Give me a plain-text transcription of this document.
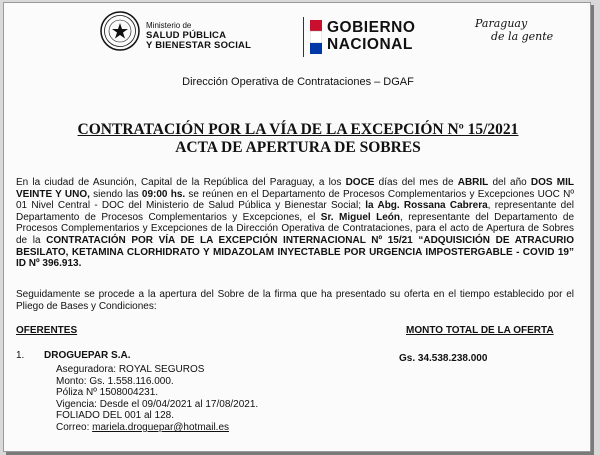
Ministerio de
SALUD PÚBLICA
Y BIENESTAR SOCIAL
GOBIERNO
NACIONAL
Paraguay
de la gente
Dirección Operativa de Contrataciones – DGAF
CONTRATACIÓN POR LA VÍA DE LA EXCEPCIÓN Nº 15/2021
ACTA DE APERTURA DE SOBRES
En la ciudad de Asunción, Capital de la República del Paraguay, a los DOCE días del mes de ABRIL del año DOS MIL VEINTE Y UNO, siendo las 09:00 hs. se reúnen en el Departamento de Procesos Complementarios y Excepciones UOC Nº 01 Nivel Central - DOC del Ministerio de Salud Pública y Bienestar Social; la Abg. Rossana Cabrera, representante del Departamento de Procesos Complementarios y Excepciones, el Sr. Miguel León, representante del Departamento de Procesos Complementarios y Excepciones de la Dirección Operativa de Contrataciones, para el acto de Apertura de Sobres de la CONTRATACIÓN POR VÍA DE LA EXCEPCIÓN INTERNACIONAL Nº 15/21 “ADQUISICIÓN DE ATRACURIO BESILATO, KETAMINA CLORHIDRATO Y MIDAZOLAM INYECTABLE POR URGENCIA IMPOSTERGABLE - COVID 19” ID Nº 396.913.
Seguidamente se procede a la apertura del Sobre de la firma que ha presentado su oferta en el tiempo establecido por el Pliego de Bases y Condiciones:
OFERENTES	MONTO TOTAL DE LA OFERTA
1. DROGUEPAR S.A.	Gs. 34.538.238.000
Aseguradora: ROYAL SEGUROS
Monto: Gs. 1.558.116.000.
Póliza Nº 1508004231.
Vigencia: Desde el 09/04/2021 al 17/08/2021.
FOLIADO DEL 001 al 128.
Correo: mariela.droguepar@hotmail.es
